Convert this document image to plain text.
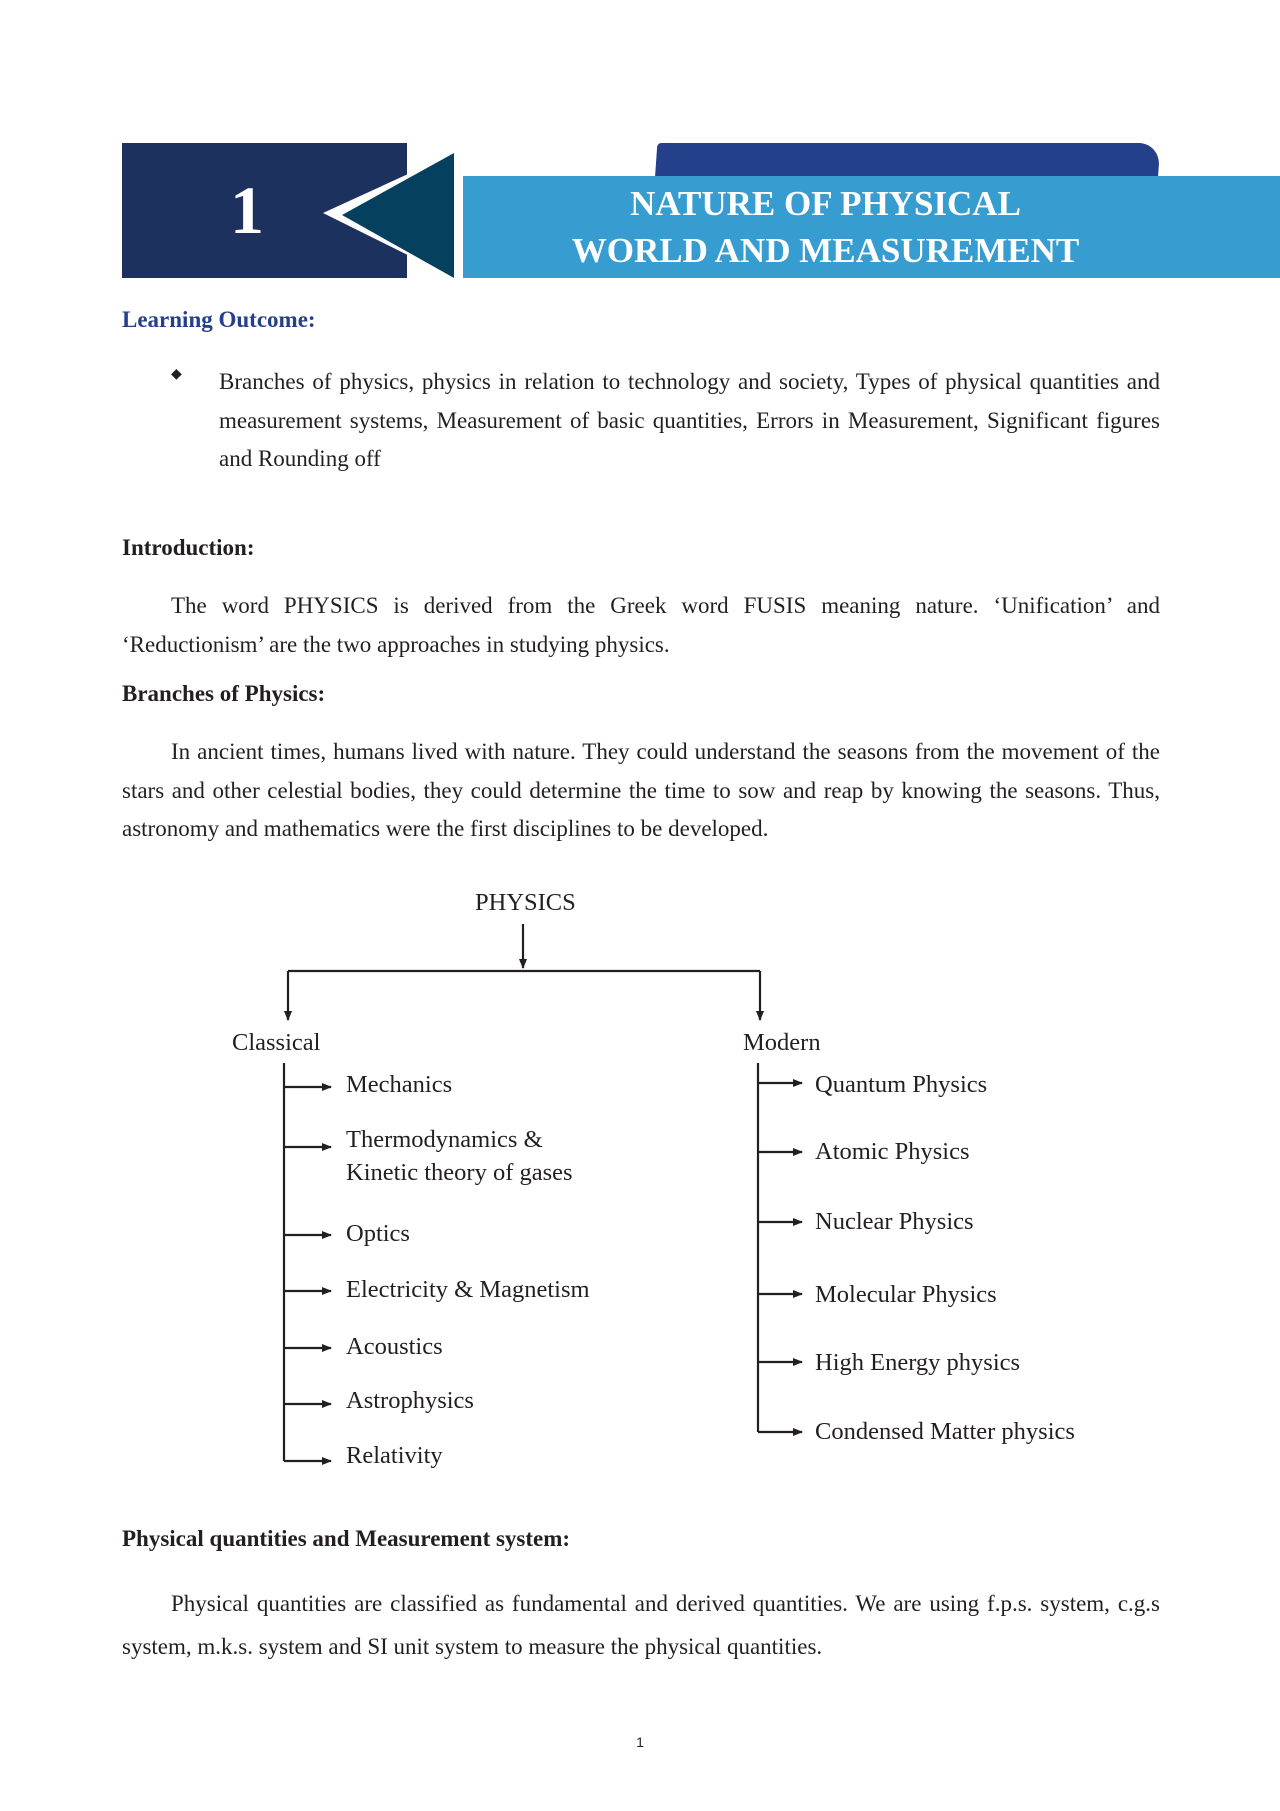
1	NATURE OF PHYSICAL
WORLD AND MEASUREMENT
Learning Outcome:
◆ Branches of physics, physics in relation to technology and society, Types of physical quantities and measurement systems, Measurement of basic quantities, Errors in Measurement, Significant figures and Rounding off
Introduction:
The word PHYSICS is derived from the Greek word FUSIS meaning nature. ‘Unification’ and ‘Reductionism’ are the two approaches in studying physics.
Branches of Physics:
In ancient times, humans lived with nature. They could understand the seasons from the movement of the stars and other celestial bodies, they could determine the time to sow and reap by knowing the seasons. Thus, astronomy and mathematics were the first disciplines to be developed.
PHYSICS
Classical	Modern
Mechanics
Thermodynamics &
Kinetic theory of gases
Optics
Electricity & Magnetism
Acoustics
Astrophysics
Relativity
Quantum Physics
Atomic Physics
Nuclear Physics
Molecular Physics
High Energy physics
Condensed Matter physics
Physical quantities and Measurement system:
Physical quantities are classified as fundamental and derived quantities. We are using f.p.s. system, c.g.s system, m.k.s. system and SI unit system to measure the physical quantities.
1
